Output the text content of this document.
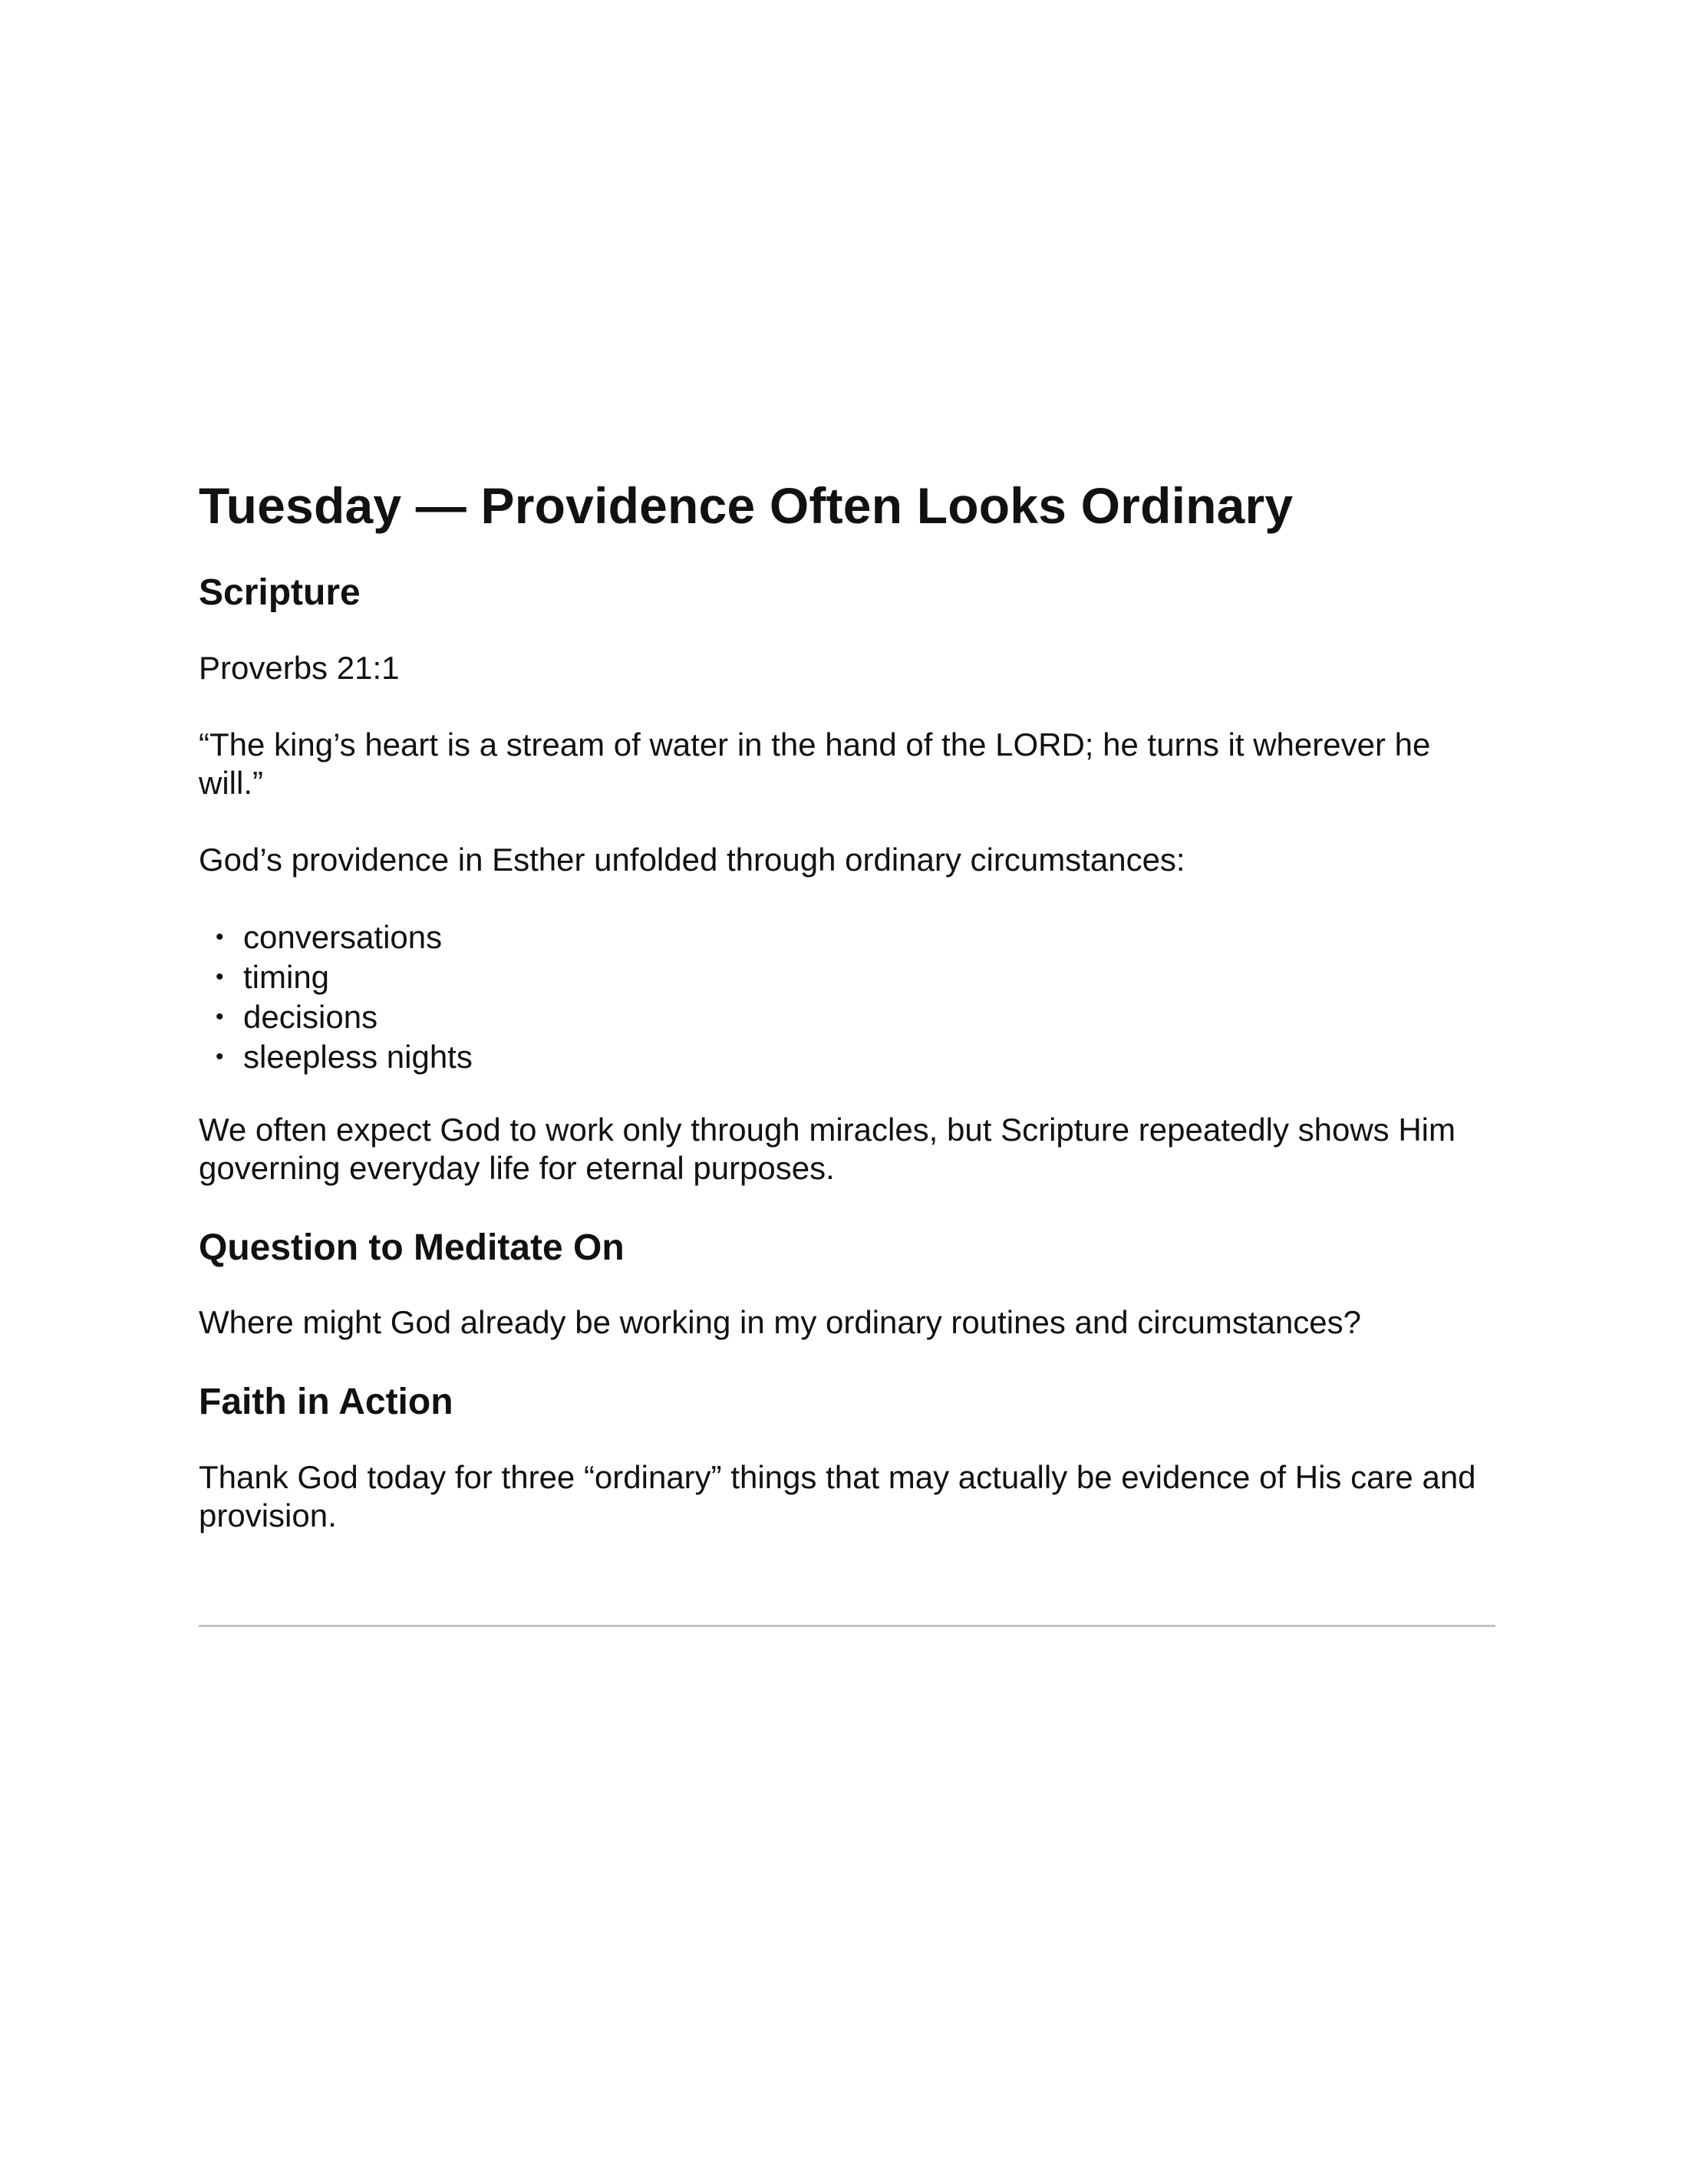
Tuesday — Providence Often Looks Ordinary
Scripture

Proverbs 21:1

“The king’s heart is a stream of water in the hand of the LORD; he turns it wherever he will.”

God’s providence in Esther unfolded through ordinary circumstances:

• conversations
• timing
• decisions
• sleepless nights

We often expect God to work only through miracles, but Scripture repeatedly shows Him governing everyday life for eternal purposes.

Question to Meditate On

Where might God already be working in my ordinary routines and circumstances?

Faith in Action

Thank God today for three “ordinary” things that may actually be evidence of His care and provision.
